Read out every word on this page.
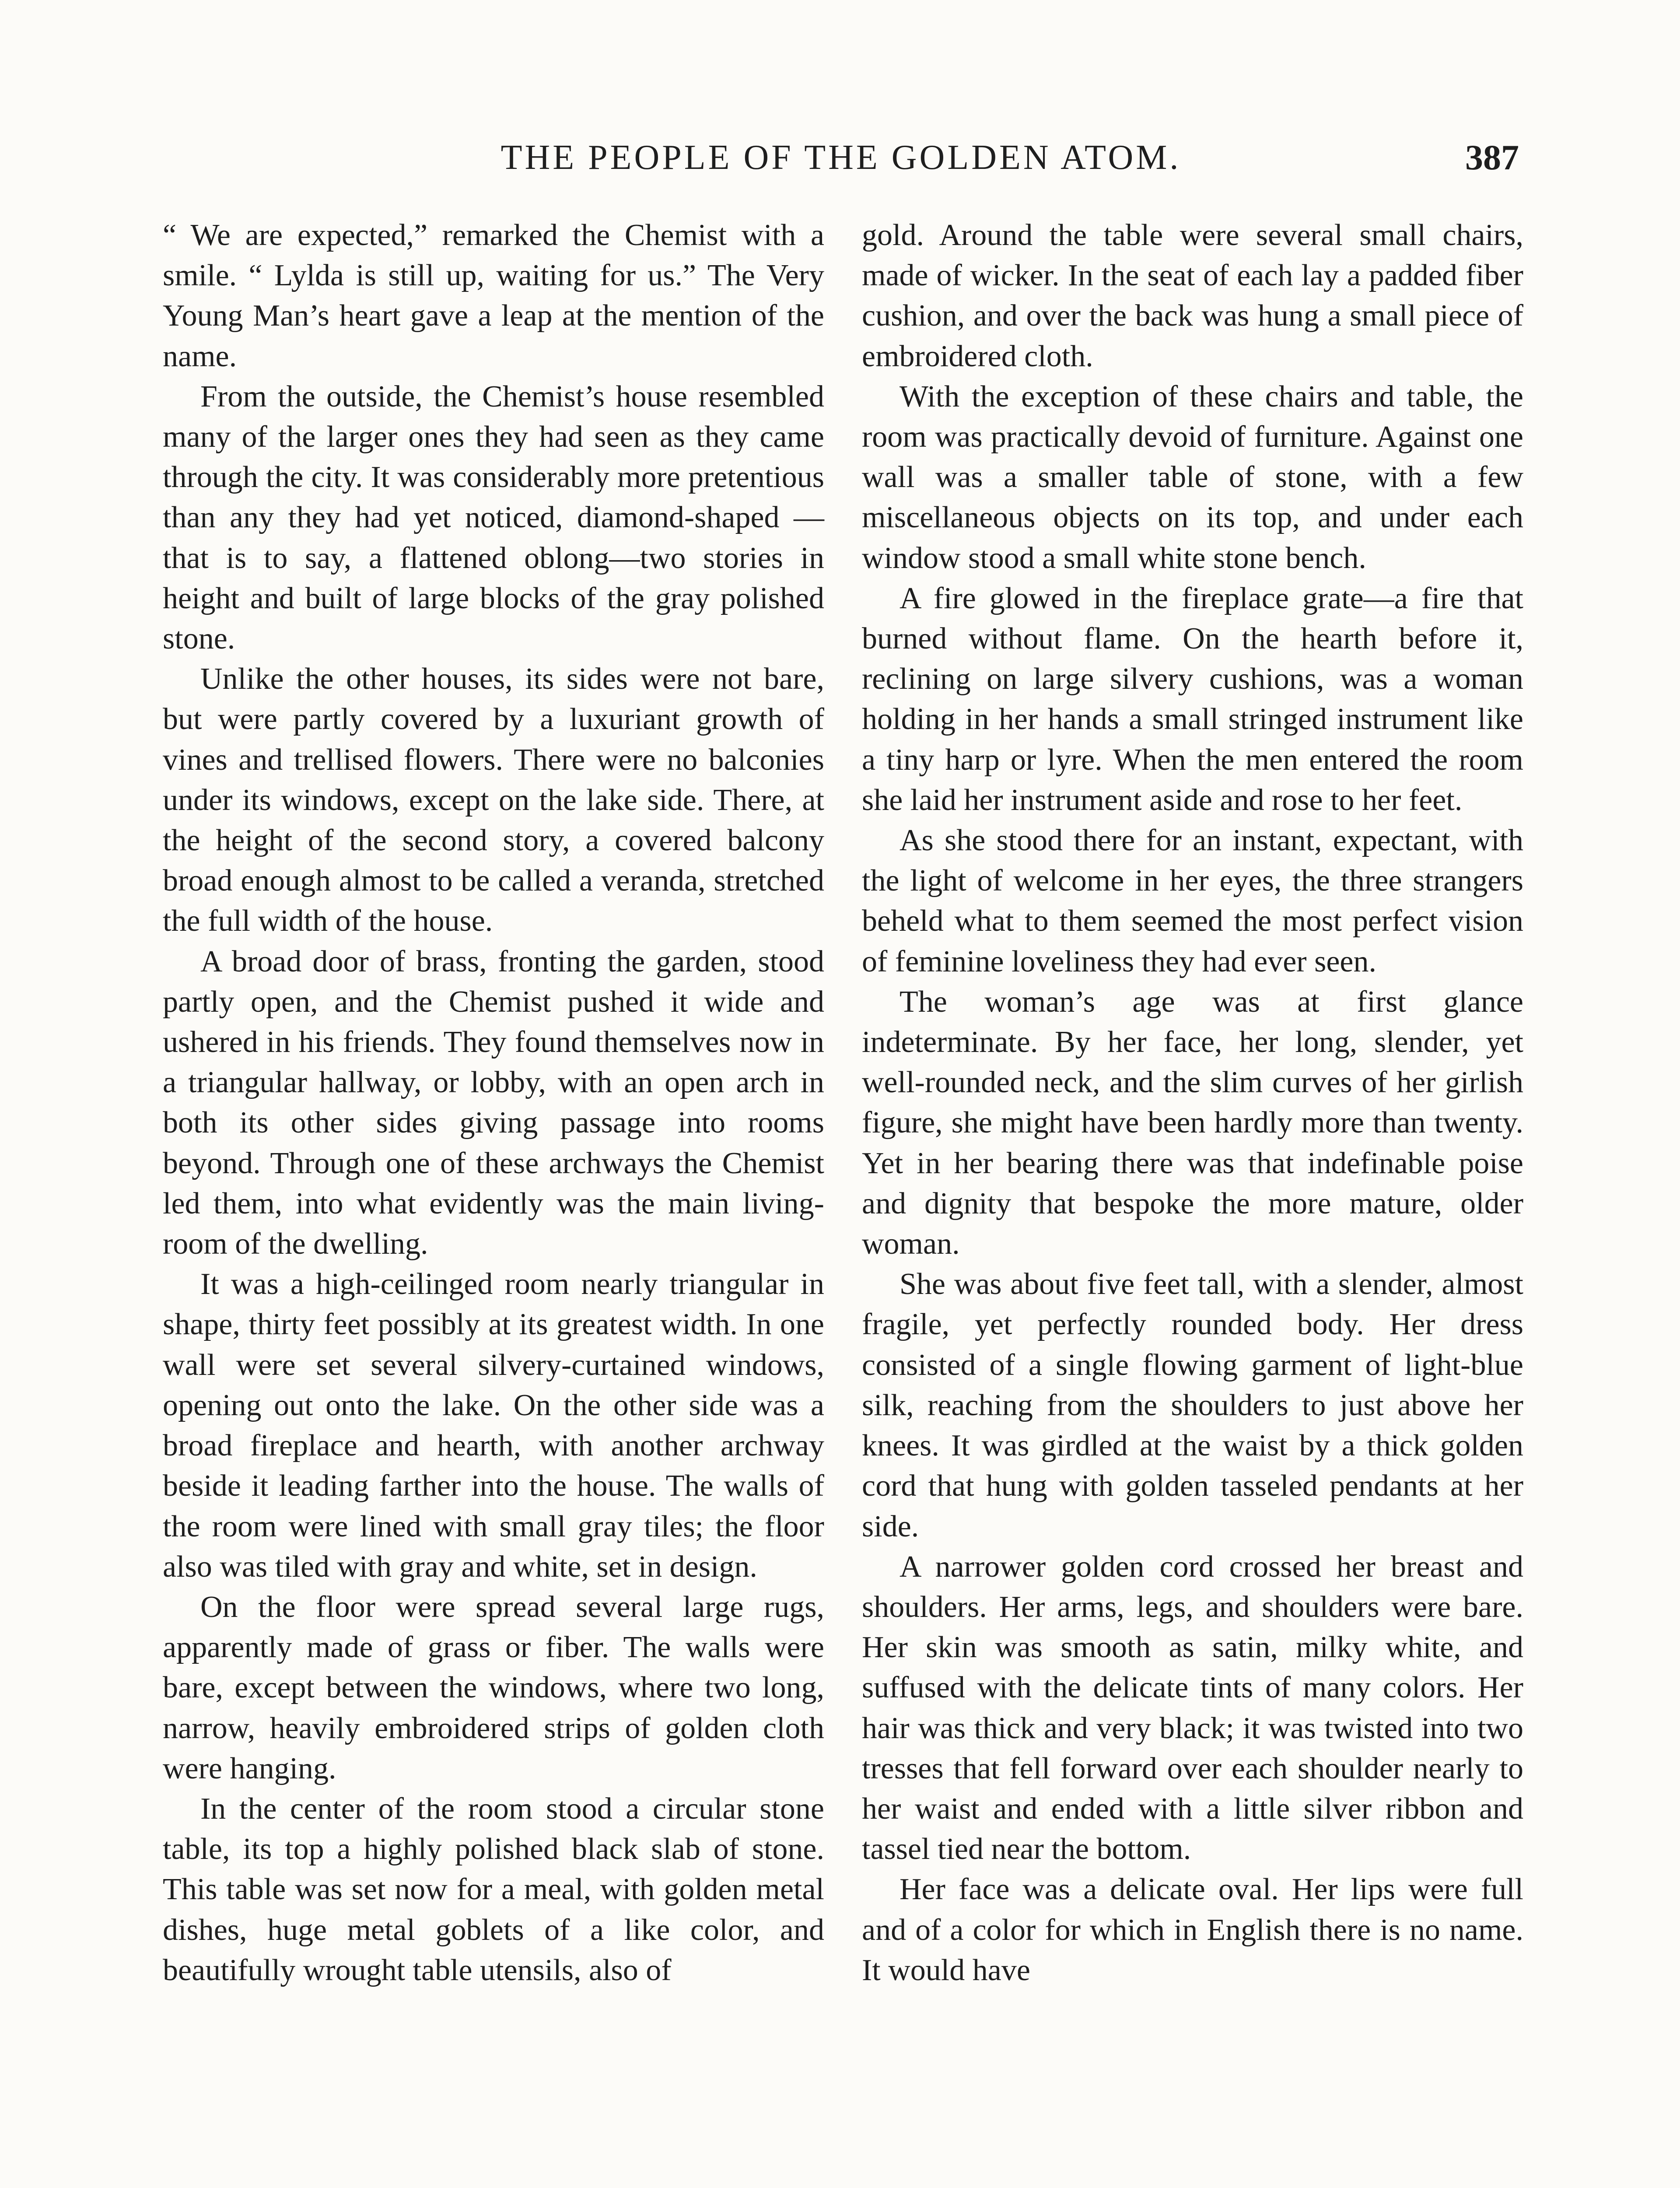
THE PEOPLE OF THE GOLDEN ATOM.	387

“ We are expected,” remarked the Chemist with a smile. “ Lylda is still up, waiting for us.” The Very Young Man’s heart gave a leap at the mention of the name.

From the outside, the Chemist’s house resembled many of the larger ones they had seen as they came through the city. It was considerably more pretentious than any they had yet noticed, diamond-shaped —that is to say, a flattened oblong—two stories in height and built of large blocks of the gray polished stone.

Unlike the other houses, its sides were not bare, but were partly covered by a luxuriant growth of vines and trellised flowers. There were no balconies under its windows, except on the lake side. There, at the height of the second story, a covered balcony broad enough almost to be called a veranda, stretched the full width of the house.

A broad door of brass, fronting the garden, stood partly open, and the Chemist pushed it wide and ushered in his friends. They found themselves now in a triangular hallway, or lobby, with an open arch in both its other sides giving passage into rooms beyond. Through one of these archways the Chemist led them, into what evidently was the main living-room of the dwelling.

It was a high-ceilinged room nearly triangular in shape, thirty feet possibly at its greatest width. In one wall were set several silvery-curtained windows, opening out onto the lake. On the other side was a broad fireplace and hearth, with another archway beside it leading farther into the house. The walls of the room were lined with small gray tiles; the floor also was tiled with gray and white, set in design.

On the floor were spread several large rugs, apparently made of grass or fiber. The walls were bare, except between the windows, where two long, narrow, heavily embroidered strips of golden cloth were hanging.

In the center of the room stood a circular stone table, its top a highly polished black slab of stone. This table was set now for a meal, with golden metal dishes, huge metal goblets of a like color, and beautifully wrought table utensils, also of

gold. Around the table were several small chairs, made of wicker. In the seat of each lay a padded fiber cushion, and over the back was hung a small piece of embroidered cloth.

With the exception of these chairs and table, the room was practically devoid of furniture. Against one wall was a smaller table of stone, with a few miscellaneous objects on its top, and under each window stood a small white stone bench.

A fire glowed in the fireplace grate—a fire that burned without flame. On the hearth before it, reclining on large silvery cushions, was a woman holding in her hands a small stringed instrument like a tiny harp or lyre. When the men entered the room she laid her instrument aside and rose to her feet.

As she stood there for an instant, expectant, with the light of welcome in her eyes, the three strangers beheld what to them seemed the most perfect vision of feminine loveliness they had ever seen.

The woman’s age was at first glance indeterminate. By her face, her long, slender, yet well-rounded neck, and the slim curves of her girlish figure, she might have been hardly more than twenty. Yet in her bearing there was that indefinable poise and dignity that bespoke the more mature, older woman.

She was about five feet tall, with a slender, almost fragile, yet perfectly rounded body. Her dress consisted of a single flowing garment of light-blue silk, reaching from the shoulders to just above her knees. It was girdled at the waist by a thick golden cord that hung with golden tasseled pendants at her side.

A narrower golden cord crossed her breast and shoulders. Her arms, legs, and shoulders were bare. Her skin was smooth as satin, milky white, and suffused with the delicate tints of many colors. Her hair was thick and very black; it was twisted into two tresses that fell forward over each shoulder nearly to her waist and ended with a little silver ribbon and tassel tied near the bottom.

Her face was a delicate oval. Her lips were full and of a color for which in English there is no name. It would have
